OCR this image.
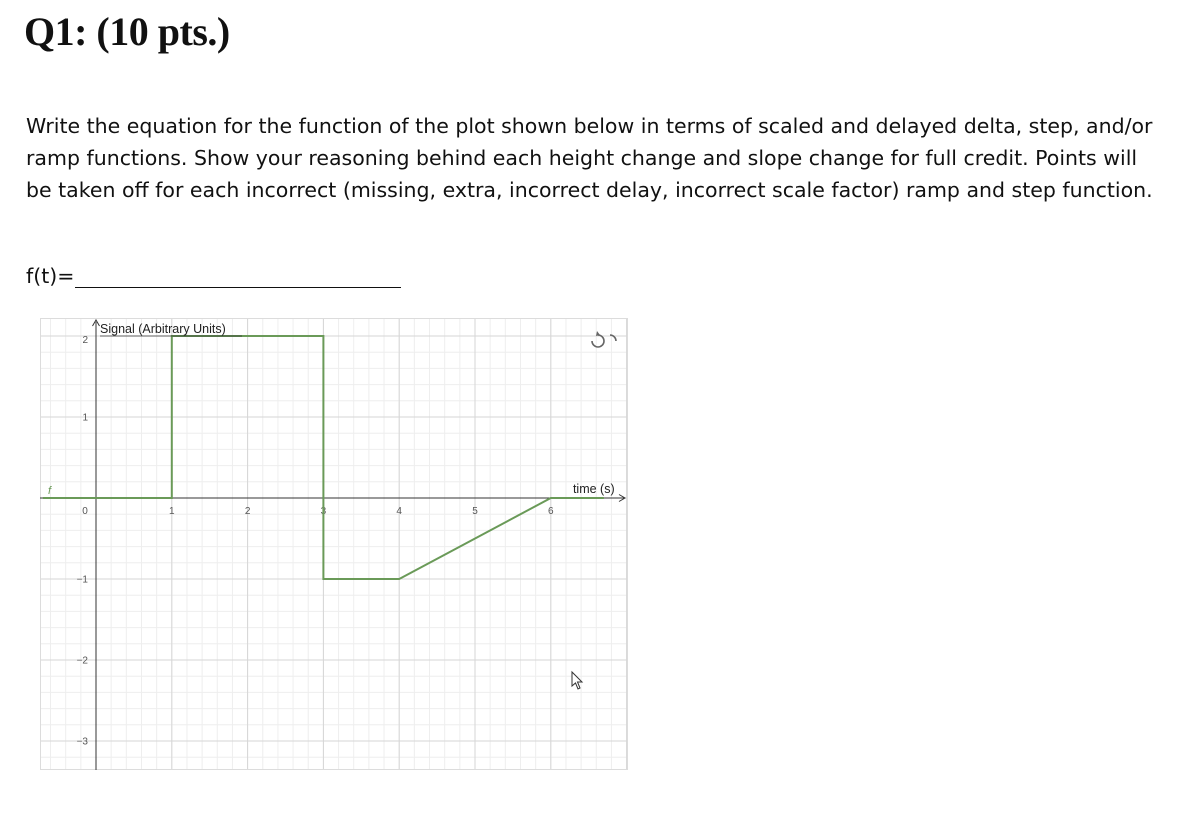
Q1: (10 pts.)

Write the equation for the function of the plot shown below in terms of scaled and delayed delta, step, and/or ramp functions. Show your reasoning behind each height change and slope change for full credit. Points will be taken off for each incorrect (missing, extra, incorrect delay, incorrect scale factor) ramp and step function.

f(t)=
0	1	2	3	4	5	6
2
1
−1
−2
−3
Signal (Arbitrary Units)
time (s)
f
